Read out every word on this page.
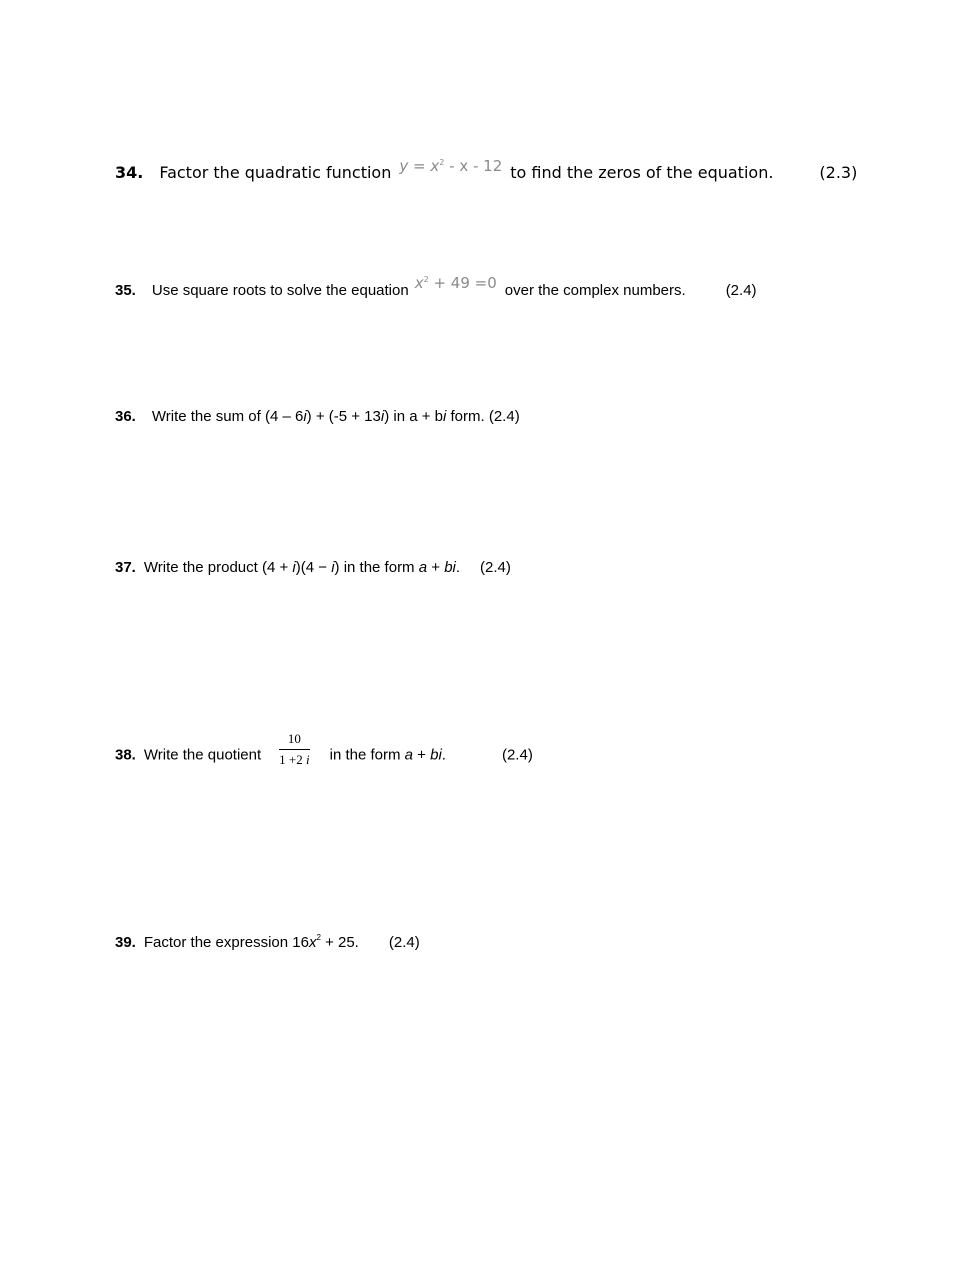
34. Factor the quadratic function $y = x^2 - x - 12$ to find the zeros of the equation.	(2.3)
35. Use square roots to solve the equation $x^2 + 49 =0$ over the complex numbers.	(2.4)
36. Write the sum of (4 – 6i) + (-5 + 13i) in a + bi form. (2.4)
37. Write the product (4 + i)(4 − i) in the form a + bi. (2.4)
38. Write the quotient $\frac{10}{1 +2 i}$ in the form a + bi.	(2.4)
39. Factor the expression $16x^2 + 25$. (2.4)
